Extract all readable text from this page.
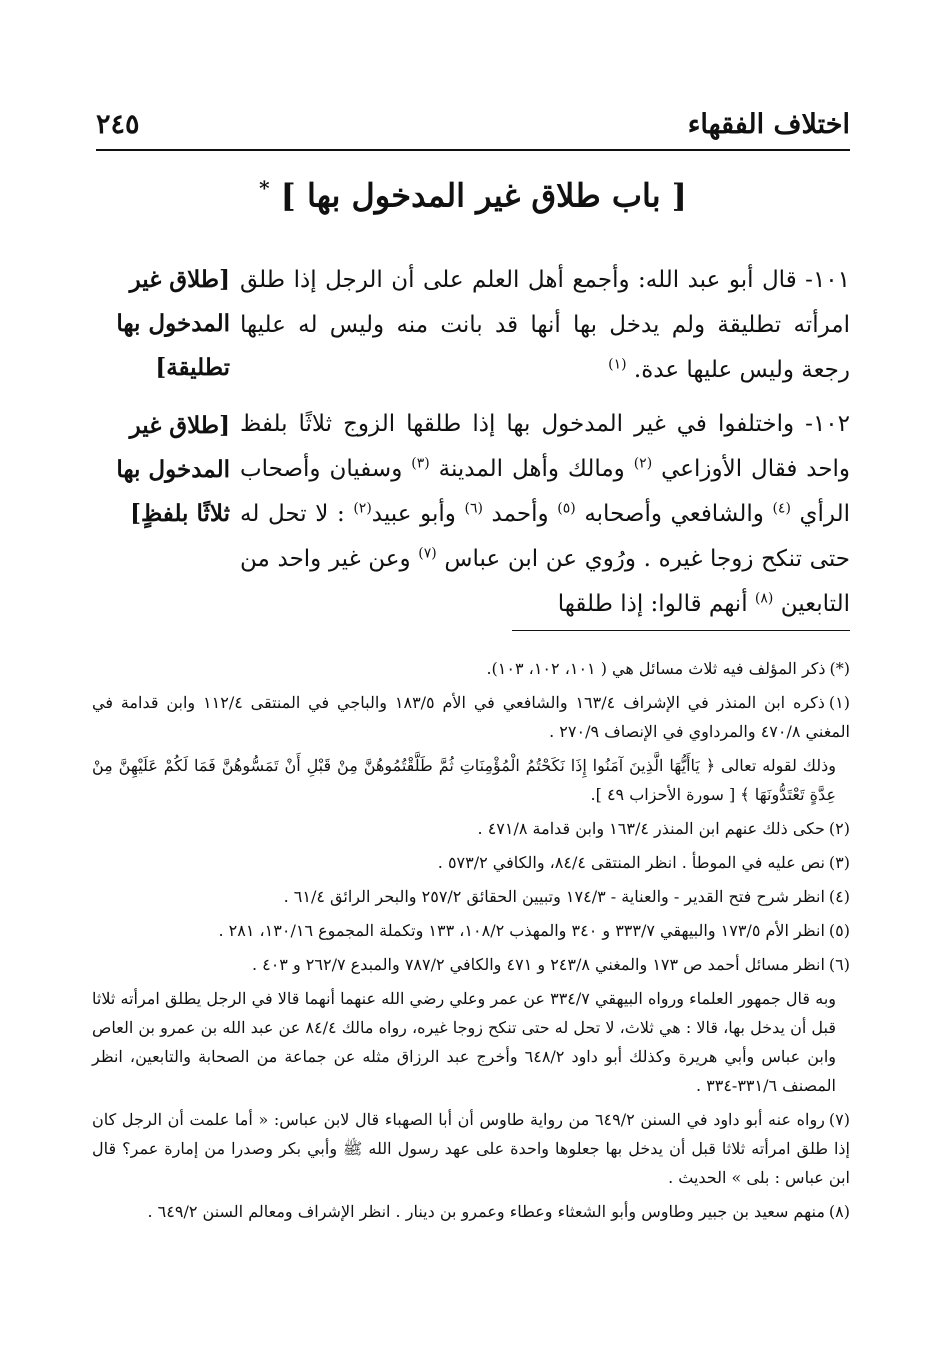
اختلاف الفقهاء
٢٤٥
[ باب طلاق غير المدخول بها ] *
١٠١- قال أبو عبد الله: وأجمع أهل العلم على أن الرجل إذا طلق امرأته تطليقة ولم يدخل بها أنها قد بانت منه وليس له عليها رجعة وليس عليها عدة. $^{(١)}$
[طلاق غير المدخول بها تطليقة]
١٠٢- واختلفوا في غير المدخول بها إذا طلقها الزوج ثلاثًا بلفظ واحد فقال الأوزاعي $^{(٢)}$ ومالك وأهل المدينة $^{(٣)}$ وسفيان وأصحاب الرأي $^{(٤)}$ والشافعي وأصحابه $^{(٥)}$ وأحمد $^{(٦)}$ وأبو عبيد$^{(٢)}$ : لا تحل له حتى تنكح زوجا غيره . ورُوي عن ابن عباس $^{(٧)}$ وعن غير واحد من التابعين $^{(٨)}$ أنهم قالوا: إذا طلقها
[طلاق غير المدخول بها ثلاثًا بلفظٍ]

(*)ذكر المؤلف فيه ثلاث مسائل هي ( ١٠١، ١٠٢، ١٠٣).

(١)ذكره ابن المنذر في الإشراف ١٦٣/٤ والشافعي في الأم ١٨٣/٥ والباجي في المنتقى ١١٢/٤ وابن قدامة في المغني ٤٧٠/٨ والمرداوي في الإنصاف ٢٧٠/٩ .

وذلك لقوله تعالى ﴿ يَاأَيُّهَا الَّذِينَ آمَنُوا إِذَا نَكَحْتُمُ الْمُؤْمِنَاتِ ثُمَّ طَلَّقْتُمُوهُنَّ مِنْ قَبْلِ أَنْ تَمَسُّوهُنَّ فَمَا لَكُمْ عَلَيْهِنَّ مِنْ عِدَّةٍ تَعْتَدُّونَهَا ﴾ [ سورة الأحزاب ٤٩ ].

(٢)حكى ذلك عنهم ابن المنذر ١٦٣/٤ وابن قدامة ٤٧١/٨ .

(٣)نص عليه في الموطأ . انظر المنتقى ٨٤/٤، والكافي ٥٧٣/٢ .

(٤)انظر شرح فتح القدير - والعناية - ١٧٤/٣ وتبيين الحقائق ٢٥٧/٢ والبحر الرائق ٦١/٤ .

(٥)انظر الأم ١٧٣/٥ والبيهقي ٣٣٣/٧ و ٣٤٠ والمهذب ١٠٨/٢، ١٣٣ وتكملة المجموع ١٣٠/١٦، ٢٨١ .

(٦)انظر مسائل أحمد ص ١٧٣ والمغني ٢٤٣/٨ و ٤٧١ والكافي ٧٨٧/٢ والمبدع ٢٦٢/٧ و ٤٠٣ .

وبه قال جمهور العلماء ورواه البيهقي ٣٣٤/٧ عن عمر وعلي رضي الله عنهما أنهما قالا في الرجل يطلق امرأته ثلاثا قبل أن يدخل بها، قالا : هي ثلاث، لا تحل له حتى تنكح زوجا غيره، رواه مالك ٨٤/٤ عن عبد الله بن عمرو بن العاص وابن عباس وأبي هريرة وكذلك أبو داود ٦٤٨/٢ وأخرج عبد الرزاق مثله عن جماعة من الصحابة والتابعين، انظر المصنف ٣٣١/٦-٣٣٤ .

(٧)رواه عنه أبو داود في السنن ٦٤٩/٢ من رواية طاوس أن أبا الصهباء قال لابن عباس: « أما علمت أن الرجل كان إذا طلق امرأته ثلاثا قبل أن يدخل بها جعلوها واحدة على عهد رسول الله ﷺ وأبي بكر وصدرا من إمارة عمر؟ قال ابن عباس : بلى » الحديث .

(٨)منهم سعيد بن جبير وطاوس وأبو الشعثاء وعطاء وعمرو بن دينار . انظر الإشراف ومعالم السنن ٦٤٩/٢ .
